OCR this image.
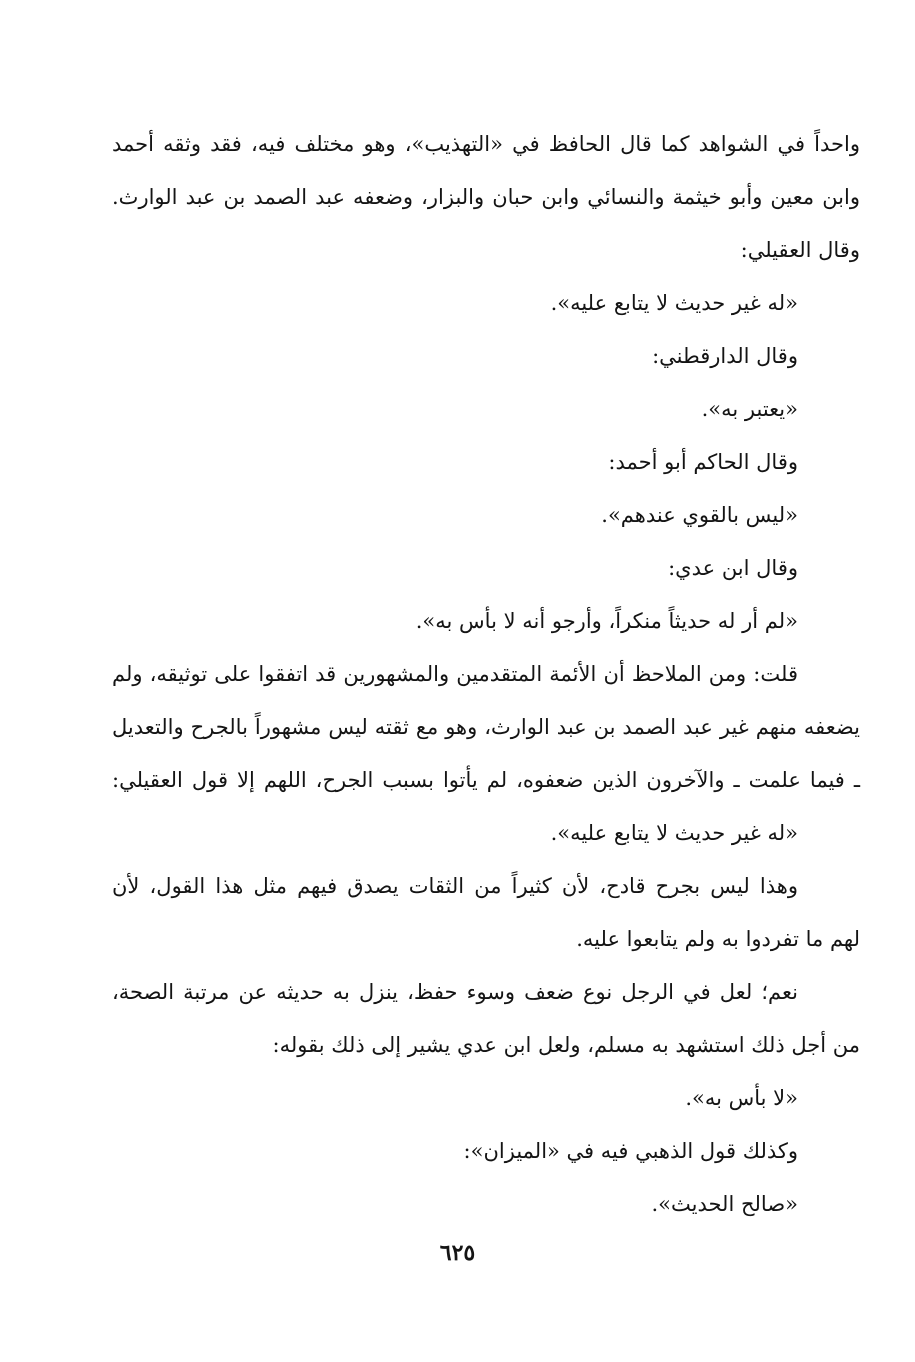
واحداً في الشواهد كما قال الحافظ في «التهذيب»، وهو مختلف فيه، فقد وثقه أحمد
وابن معين وأبو خيثمة والنسائي وابن حبان والبزار، وضعفه عبد الصمد بن عبد الوارث.
وقال العقيلي:
«له غير حديث لا يتابع عليه».
وقال الدارقطني:
«يعتبر به».
وقال الحاكم أبو أحمد:
«ليس بالقوي عندهم».
وقال ابن عدي:
«لم أر له حديثاً منكراً، وأرجو أنه لا بأس به».
قلت: ومن الملاحظ أن الأئمة المتقدمين والمشهورين قد اتفقوا على توثيقه، ولم
يضعفه منهم غير عبد الصمد بن عبد الوارث، وهو مع ثقته ليس مشهوراً بالجرح والتعديل
ـ فيما علمت ـ والآخرون الذين ضعفوه، لم يأتوا بسبب الجرح، اللهم إلا قول العقيلي:
«له غير حديث لا يتابع عليه».
وهذا ليس بجرح قادح، لأن كثيراً من الثقات يصدق فيهم مثل هذا القول، لأن
لهم ما تفردوا به ولم يتابعوا عليه.
نعم؛ لعل في الرجل نوع ضعف وسوء حفظ، ينزل به حديثه عن مرتبة الصحة،
من أجل ذلك استشهد به مسلم، ولعل ابن عدي يشير إلى ذلك بقوله:
«لا بأس به».
وكذلك قول الذهبي فيه في «الميزان»:
«صالح الحديث».
٦٢٥
